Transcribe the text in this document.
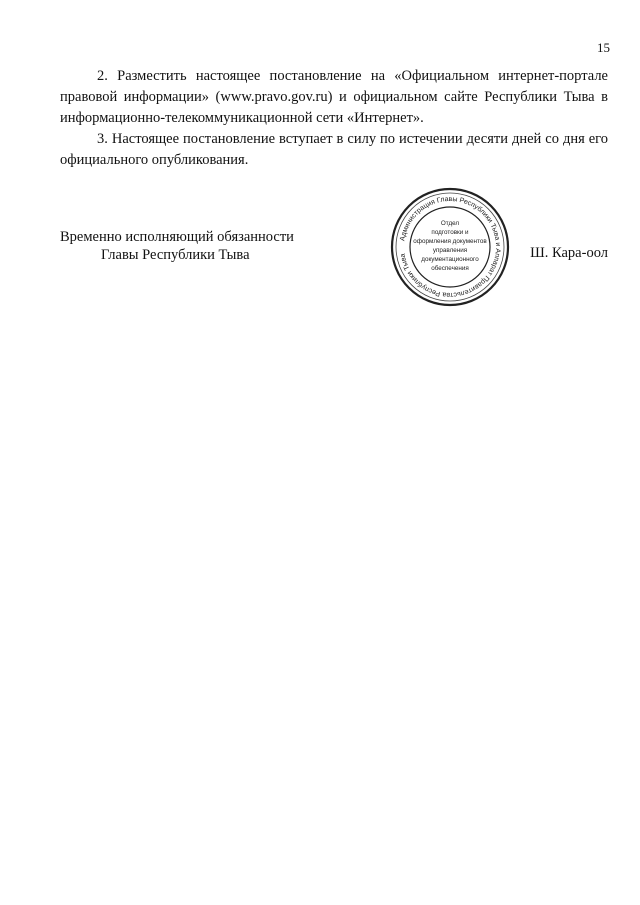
15

2. Разместить настоящее постановление на «Официальном интернет-портале правовой информации» (www.pravo.gov.ru) и официальном сайте Республики Тыва в информационно-телекоммуникационной сети «Интернет».

3. Настоящее постановление вступает в силу по истечении десяти дней со дня его официального опубликования.

Временно исполняющий обязанности
Главы Республики Тыва	Ш. Кара-оол
Администрация Главы Республики Тыва и Аппарат Правительства Республики Тыва
Отдел
подготовки и
оформления документов
управления
документационного
обеспечения
